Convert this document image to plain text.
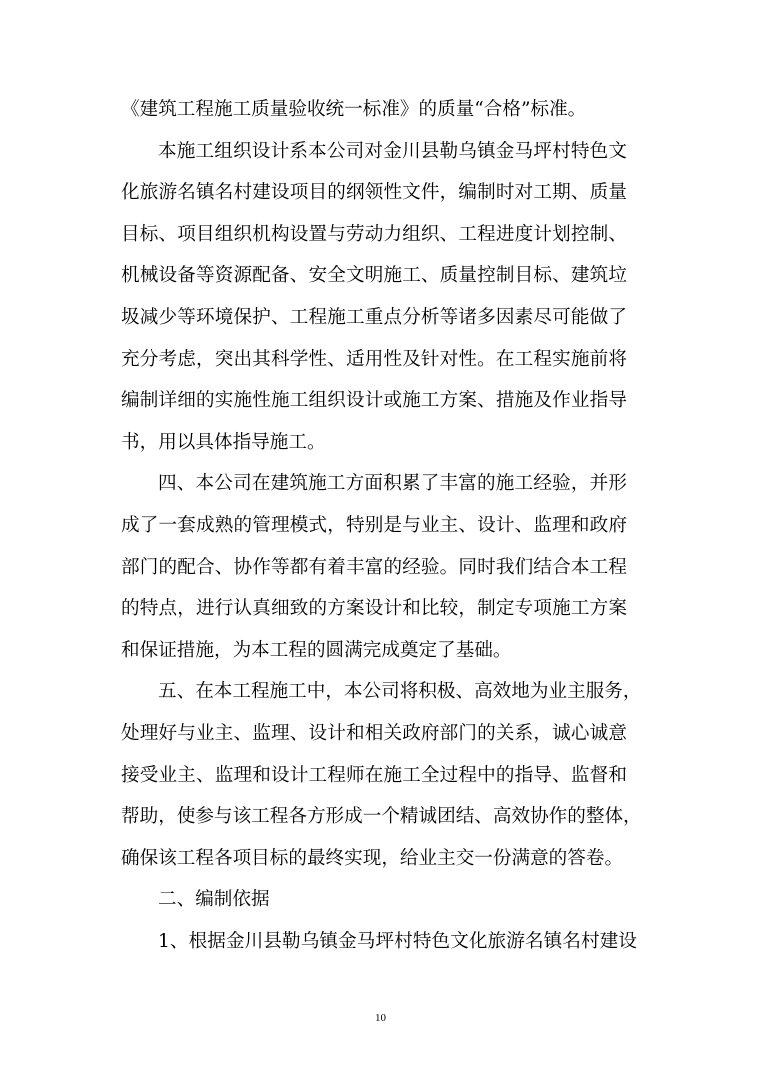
《建筑工程施工质量验收统一标准》的质量“合格”标准。
本施工组织设计系本公司对金川县勒乌镇金马坪村特色文
化旅游名镇名村建设项目的纲领性文件，编制时对工期、质量
目标、项目组织机构设置与劳动力组织、工程进度计划控制、
机械设备等资源配备、安全文明施工、质量控制目标、建筑垃
圾减少等环境保护、工程施工重点分析等诸多因素尽可能做了
充分考虑，突出其科学性、适用性及针对性。在工程实施前将
编制详细的实施性施工组织设计或施工方案、措施及作业指导
书，用以具体指导施工。
四、本公司在建筑施工方面积累了丰富的施工经验，并形
成了一套成熟的管理模式，特别是与业主、设计、监理和政府
部门的配合、协作等都有着丰富的经验。同时我们结合本工程
的特点，进行认真细致的方案设计和比较，制定专项施工方案
和保证措施，为本工程的圆满完成奠定了基础。
五、在本工程施工中，本公司将积极、高效地为业主服务，
处理好与业主、监理、设计和相关政府部门的关系，诚心诚意
接受业主、监理和设计工程师在施工全过程中的指导、监督和
帮助，使参与该工程各方形成一个精诚团结、高效协作的整体，
确保该工程各项目标的最终实现，给业主交一份满意的答卷。
二、编制依据
1、根据金川县勒乌镇金马坪村特色文化旅游名镇名村建设
10
